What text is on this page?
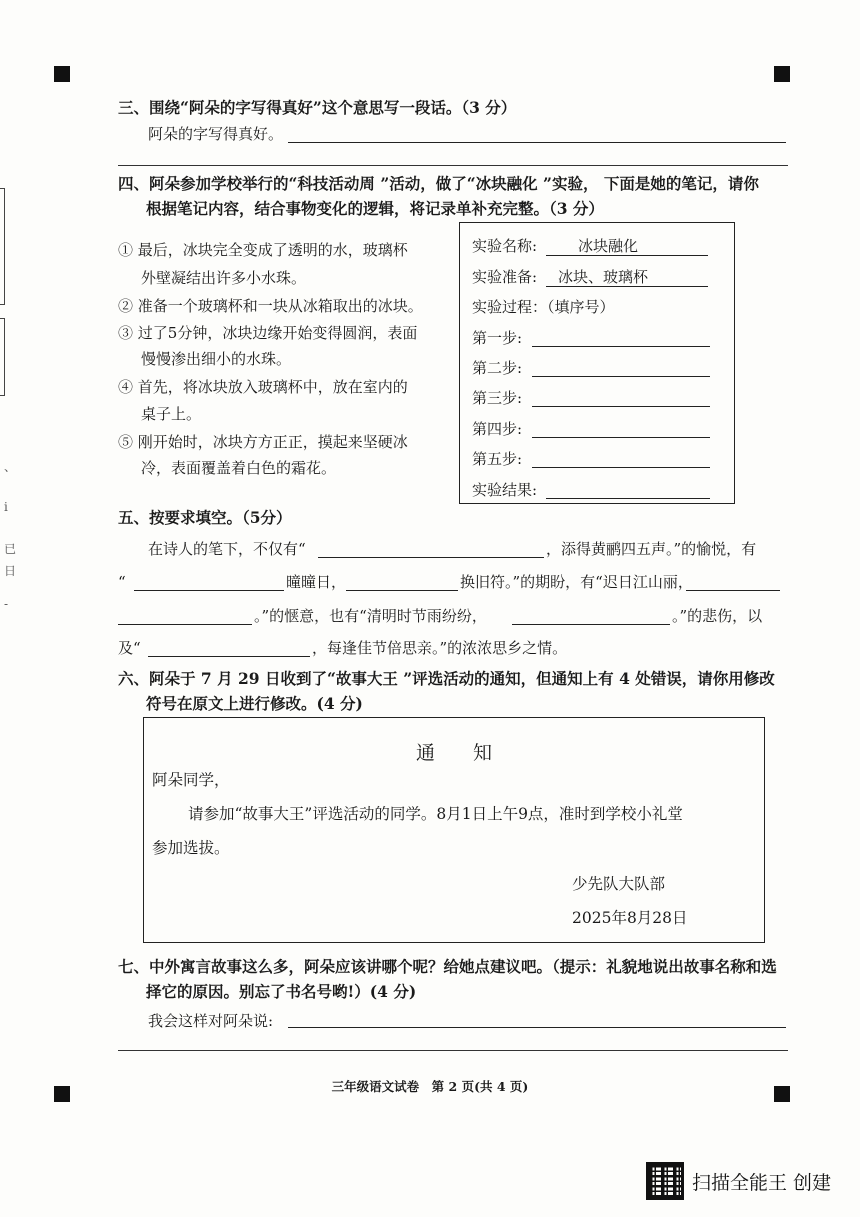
、
i
已
日
-
三、围绕“阿朵的字写得真好”这个意思写一段话。（3 分）
阿朵的字写得真好。
四、阿朵参加学校举行的“科技活动周 ”活动，做了“冰块融化 ”实验， 下面是她的笔记，请你
根据笔记内容，结合事物变化的逻辑，将记录单补充完整。（3 分）
① 最后，冰块完全变成了透明的水，玻璃杯
外壁凝结出许多小水珠。
② 准备一个玻璃杯和一块从冰箱取出的冰块。
③ 过了5分钟，冰块边缘开始变得圆润，表面
慢慢渗出细小的水珠。
④ 首先，将冰块放入玻璃杯中，放在室内的
桌子上。
⑤ 刚开始时，冰块方方正正，摸起来坚硬冰
冷，表面覆盖着白色的霜花。
实验名称:	冰块融化
实验准备: 冰块、玻璃杯
实验过程：（填序号）
第一步:
第二步:
第三步:
第四步:
第五步:
实验结果:
五、按要求填空。（5分）
在诗人的笔下，不仅有“	，添得黄鹂四五声。”的愉悦，有
“	曈曈日，	换旧符。”的期盼，有“迟日江山丽，
。”的惬意，也有“清明时节雨纷纷，	。”的悲伤，以
及“	，每逢佳节倍思亲。”的浓浓思乡之情。
六、阿朵于 7 月 29 日收到了“故事大王 ”评选活动的通知，但通知上有 4 处错误，请你用修改
符号在原文上进行修改。(4 分)
通　　知
阿朵同学，
请参加“故事大王”评选活动的同学。8月1日上午9点，准时到学校小礼堂
参加选拔。
少先队大队部
2025年8月28日
七、中外寓言故事这么多，阿朵应该讲哪个呢？给她点建议吧。（提示：礼貌地说出故事名称和选
择它的原因。别忘了书名号哟!）(4 分)
我会这样对阿朵说:
三年级语文试卷　第 2 页(共 4 页)
扫描全能王 创建
